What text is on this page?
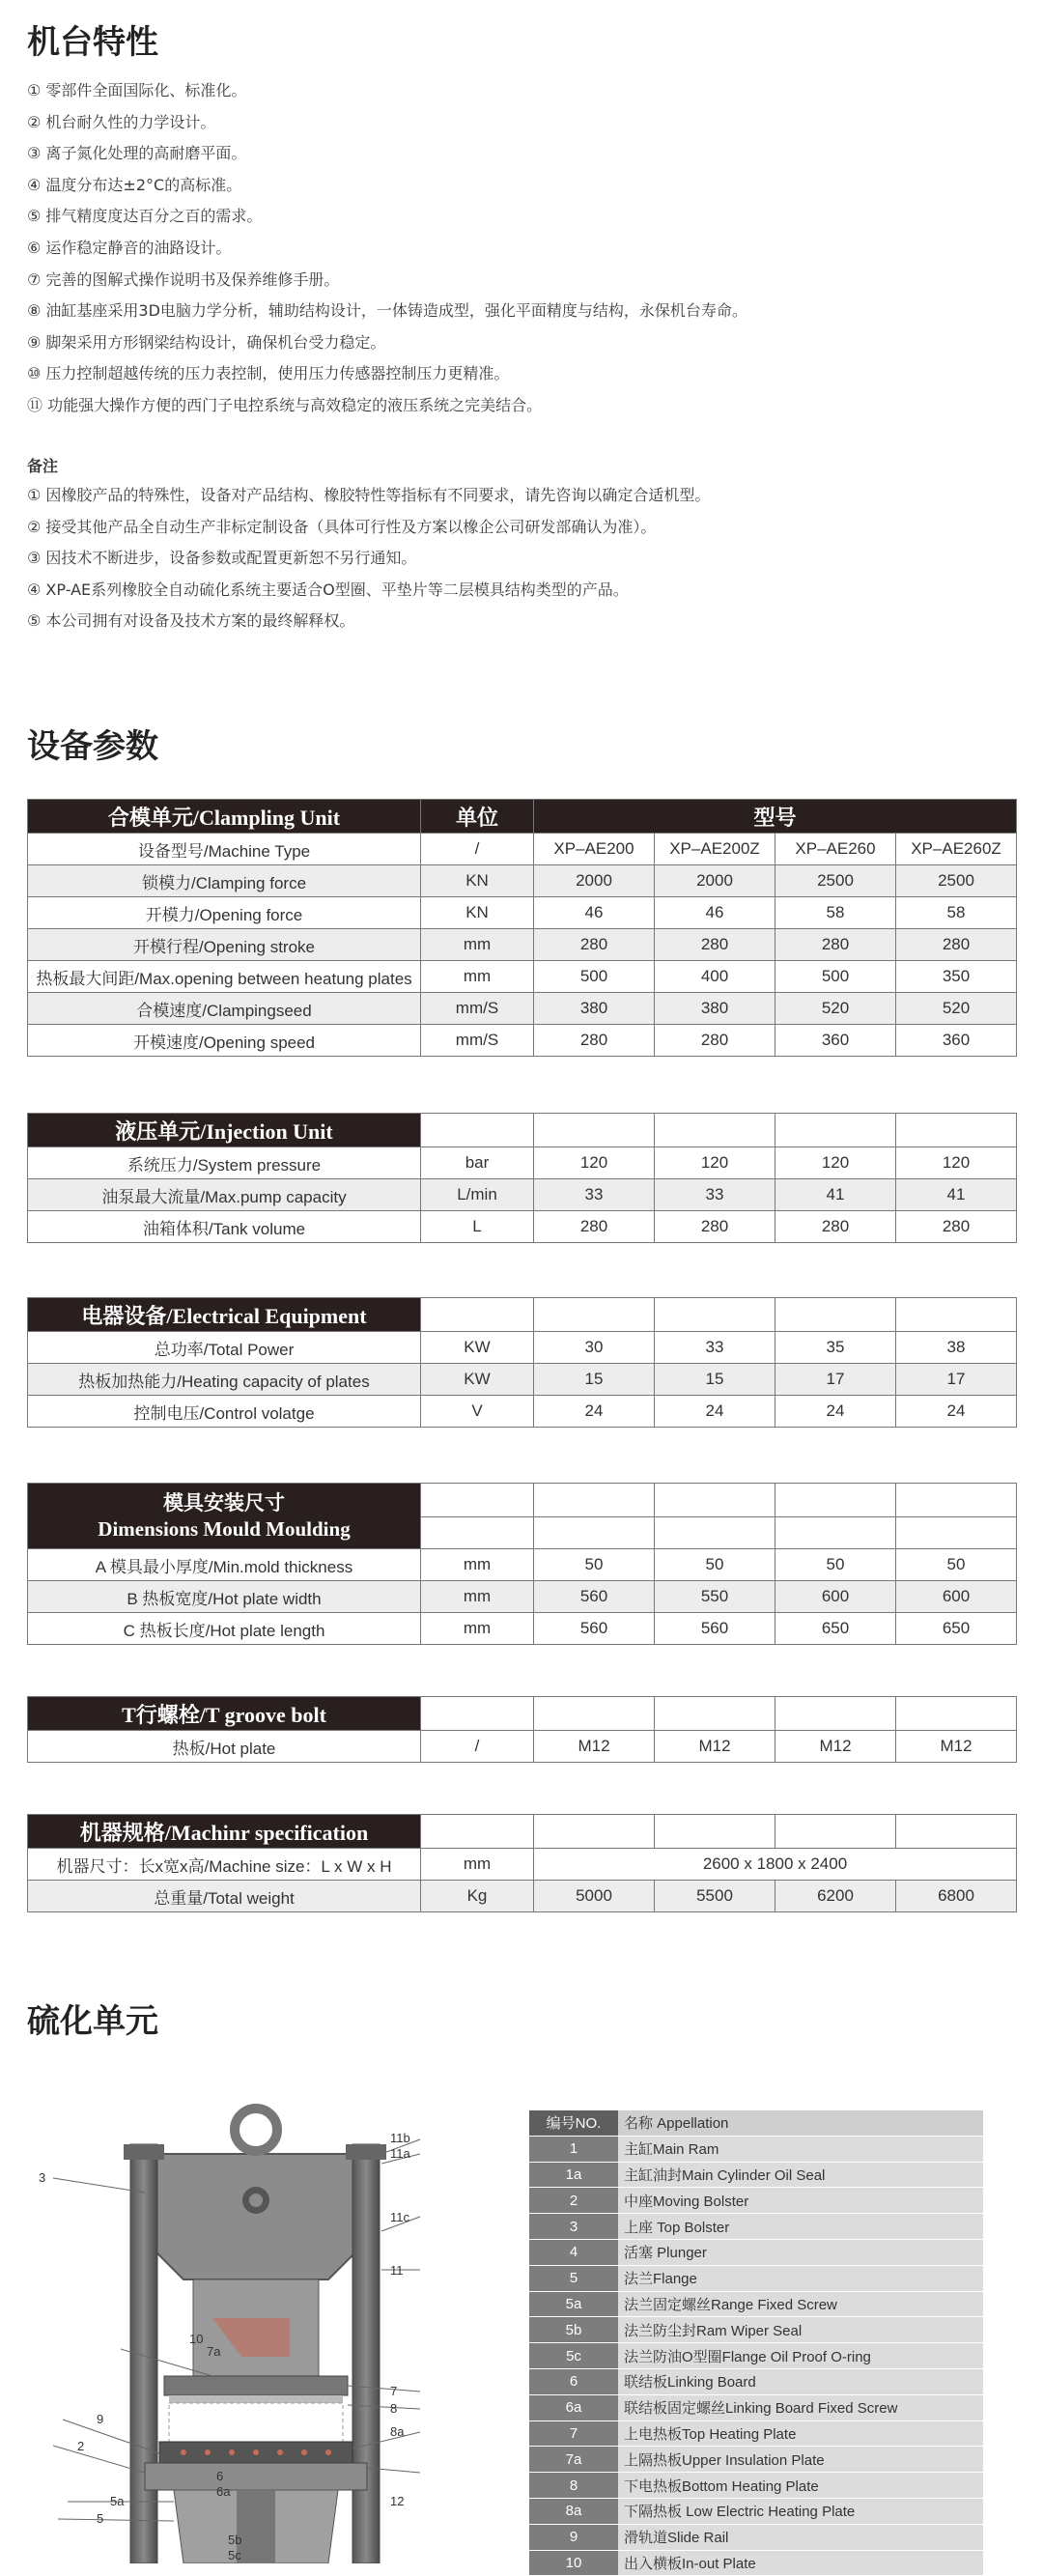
机台特性
① 零部件全面国际化、标准化。
② 机台耐久性的力学设计。
③ 离子氮化处理的高耐磨平面。
④ 温度分布达±2°C的高标准。
⑤ 排气精度度达百分之百的需求。
⑥ 运作稳定静音的油路设计。
⑦ 完善的图解式操作说明书及保养维修手册。
⑧ 油缸基座采用3D电脑力学分析，辅助结构设计，一体铸造成型，强化平面精度与结构，永保机台寿命。
⑨ 脚架采用方形钢梁结构设计，确保机台受力稳定。
⑩ 压力控制超越传统的压力表控制，使用压力传感器控制压力更精准。
⑪ 功能强大操作方便的西门子电控系统与高效稳定的液压系统之完美结合。
备注
① 因橡胶产品的特殊性，设备对产品结构、橡胶特性等指标有不同要求，请先咨询以确定合适机型。
② 接受其他产品全自动生产非标定制设备（具体可行性及方案以橡企公司研发部确认为准）。
③ 因技术不断进步，设备参数或配置更新恕不另行通知。
④ XP-AE系列橡胶全自动硫化系统主要适合O型圈、平垫片等二层模具结构类型的产品。
⑤ 本公司拥有对设备及技术方案的最终解释权。
设备参数
合模单元/Clampling Unit	单位	型号			
设备型号/Machine Type	/	XP–AE200	XP–AE200Z	XP–AE260	XP–AE260Z
锁模力/Clamping force	KN	2000	2000	2500	2500
开模力/Opening force	KN	46	46	58	58
开模行程/Opening stroke	mm	280	280	280	280
热板最大间距/Max.opening between heatung plates	mm	500	400	500	350
合模速度/Clampingseed	mm/S	380	380	520	520
开模速度/Opening speed	mm/S	280	280	360	360
液压单元/Injection Unit					
系统压力/System pressure	bar	120	120	120	120
油泵最大流量/Max.pump capacity	L/min	33	33	41	41
油箱体积/Tank volume	L	280	280	280	280
电器设备/Electrical Equipment					
总功率/Total Power	KW	30	33	35	38
热板加热能力/Heating capacity of plates	KW	15	15	17	17
控制电压/Control volatge	V	24	24	24	24
模具安装尺寸
Dimensions Mould Moulding					

A 模具最小厚度/Min.mold thickness	mm	50	50	50	50
B 热板宽度/Hot plate width	mm	560	550	600	600
C 热板长度/Hot plate length	mm	560	560	650	650
T行螺栓/T groove bolt					
热板/Hot plate	/	M12	M12	M12	M12
机器规格/Machinr specification					
机器尺寸：长x宽x高/Machine size：L x W x H	mm	2600 x 1800 x 2400			
总重量/Total weight	Kg	5000	5500	6200	6800
硫化单元
11b
11a
3
11c
11
10
7a
7
8
9
8a
2
6
6a
12
5a
5
5b
5c
编号NO.	名称 Appellation
1	主缸Main Ram
1a	主缸油封Main Cylinder Oil Seal
2	中座Moving Bolster
3	上座 Top Bolster
4	活塞 Plunger
5	法兰Flange
5a	法兰固定螺丝Range Fixed Screw
5b	法兰防尘封Ram Wiper Seal
5c	法兰防油O型圈Flange Oil Proof O-ring
6	联结板Linking Board
6a	联结板固定螺丝Linking Board Fixed Screw
7	上电热板Top Heating Plate
7a	上隔热板Upper Insulation Plate
8	下电热板Bottom Heating Plate
8a	下隔热板 Low Electric Heating Plate
9	滑轨道Slide Rail
10	出入横板In-out Plate
